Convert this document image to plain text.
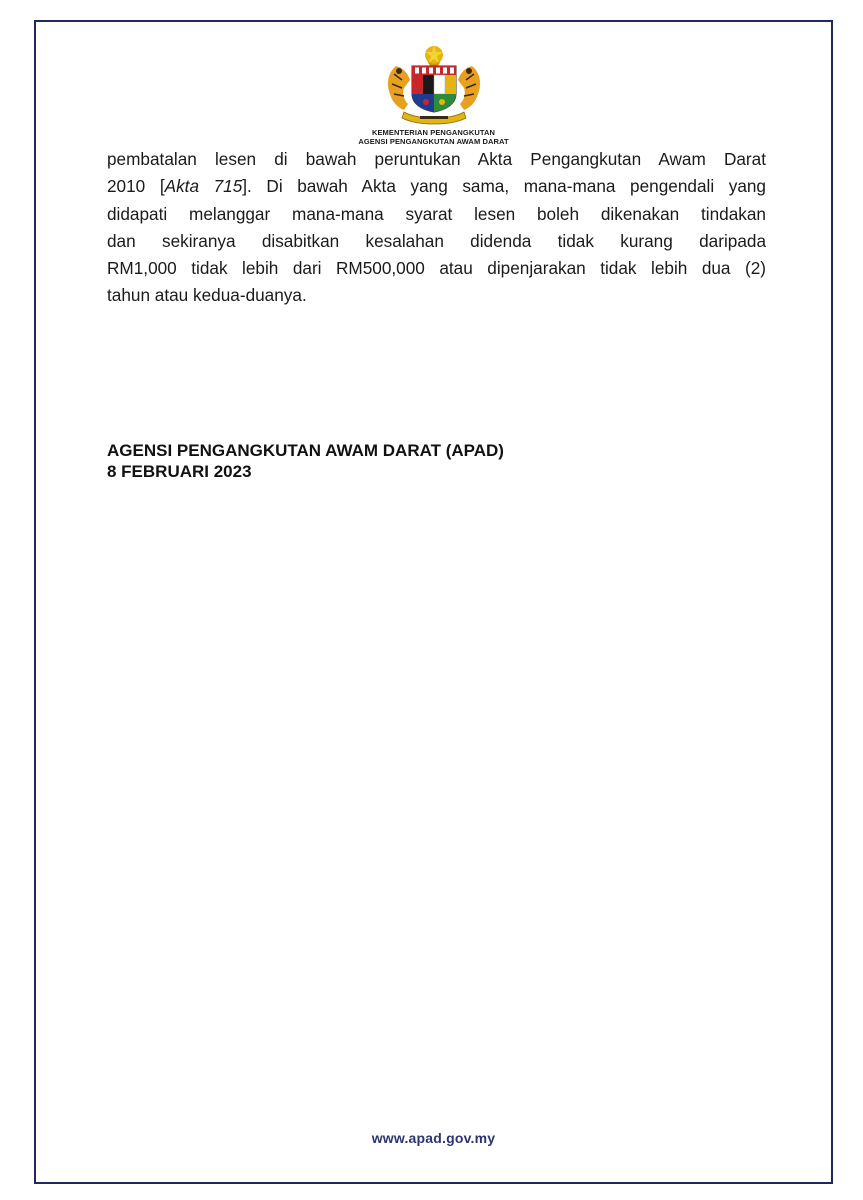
KEMENTERIAN PENGANGKUTAN
AGENSI PENGANGKUTAN AWAM DARAT
pembatalan lesen di bawah peruntukan Akta Pengangkutan Awam Darat
2010 [Akta 715]. Di bawah Akta yang sama, mana-mana pengendali yang
didapati melanggar mana-mana syarat lesen boleh dikenakan tindakan
dan sekiranya disabitkan kesalahan didenda tidak kurang daripada
RM1,000 tidak lebih dari RM500,000 atau dipenjarakan tidak lebih dua (2)
tahun atau kedua-duanya.
AGENSI PENGANGKUTAN AWAM DARAT (APAD)
8 FEBRUARI 2023
www.apad.gov.my
